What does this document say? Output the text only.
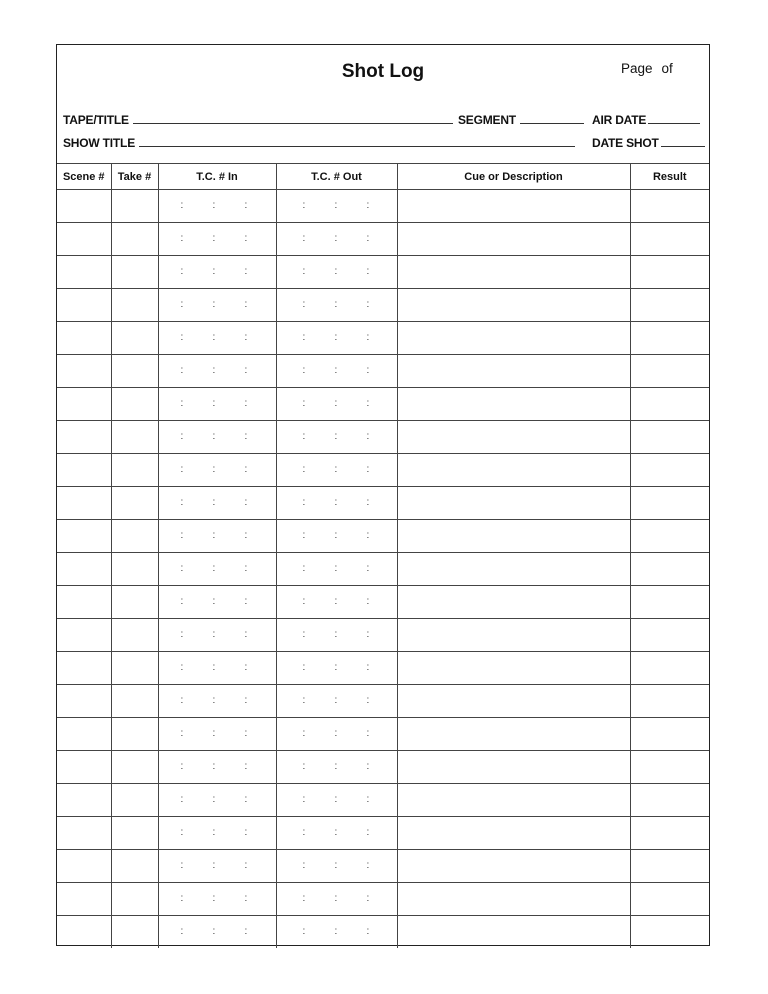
Shot Log	Page of
TAPE/TITLE	SEGMENT	AIR DATE
SHOW TITLE	DATE SHOT
Scene #	Take #	T.C. # In	T.C. # Out	Cue or Description	Result

		: : :	: : :		

		: : :	: : :		

		: : :	: : :		

		: : :	: : :		

		: : :	: : :		

		: : :	: : :		

		: : :	: : :		

		: : :	: : :		

		: : :	: : :		

		: : :	: : :		

		: : :	: : :		

		: : :	: : :		

		: : :	: : :		

		: : :	: : :		

		: : :	: : :		

		: : :	: : :		

		: : :	: : :		

		: : :	: : :		

		: : :	: : :		

		: : :	: : :		

		: : :	: : :		

		: : :	: : :		

		: : :	: : :		
